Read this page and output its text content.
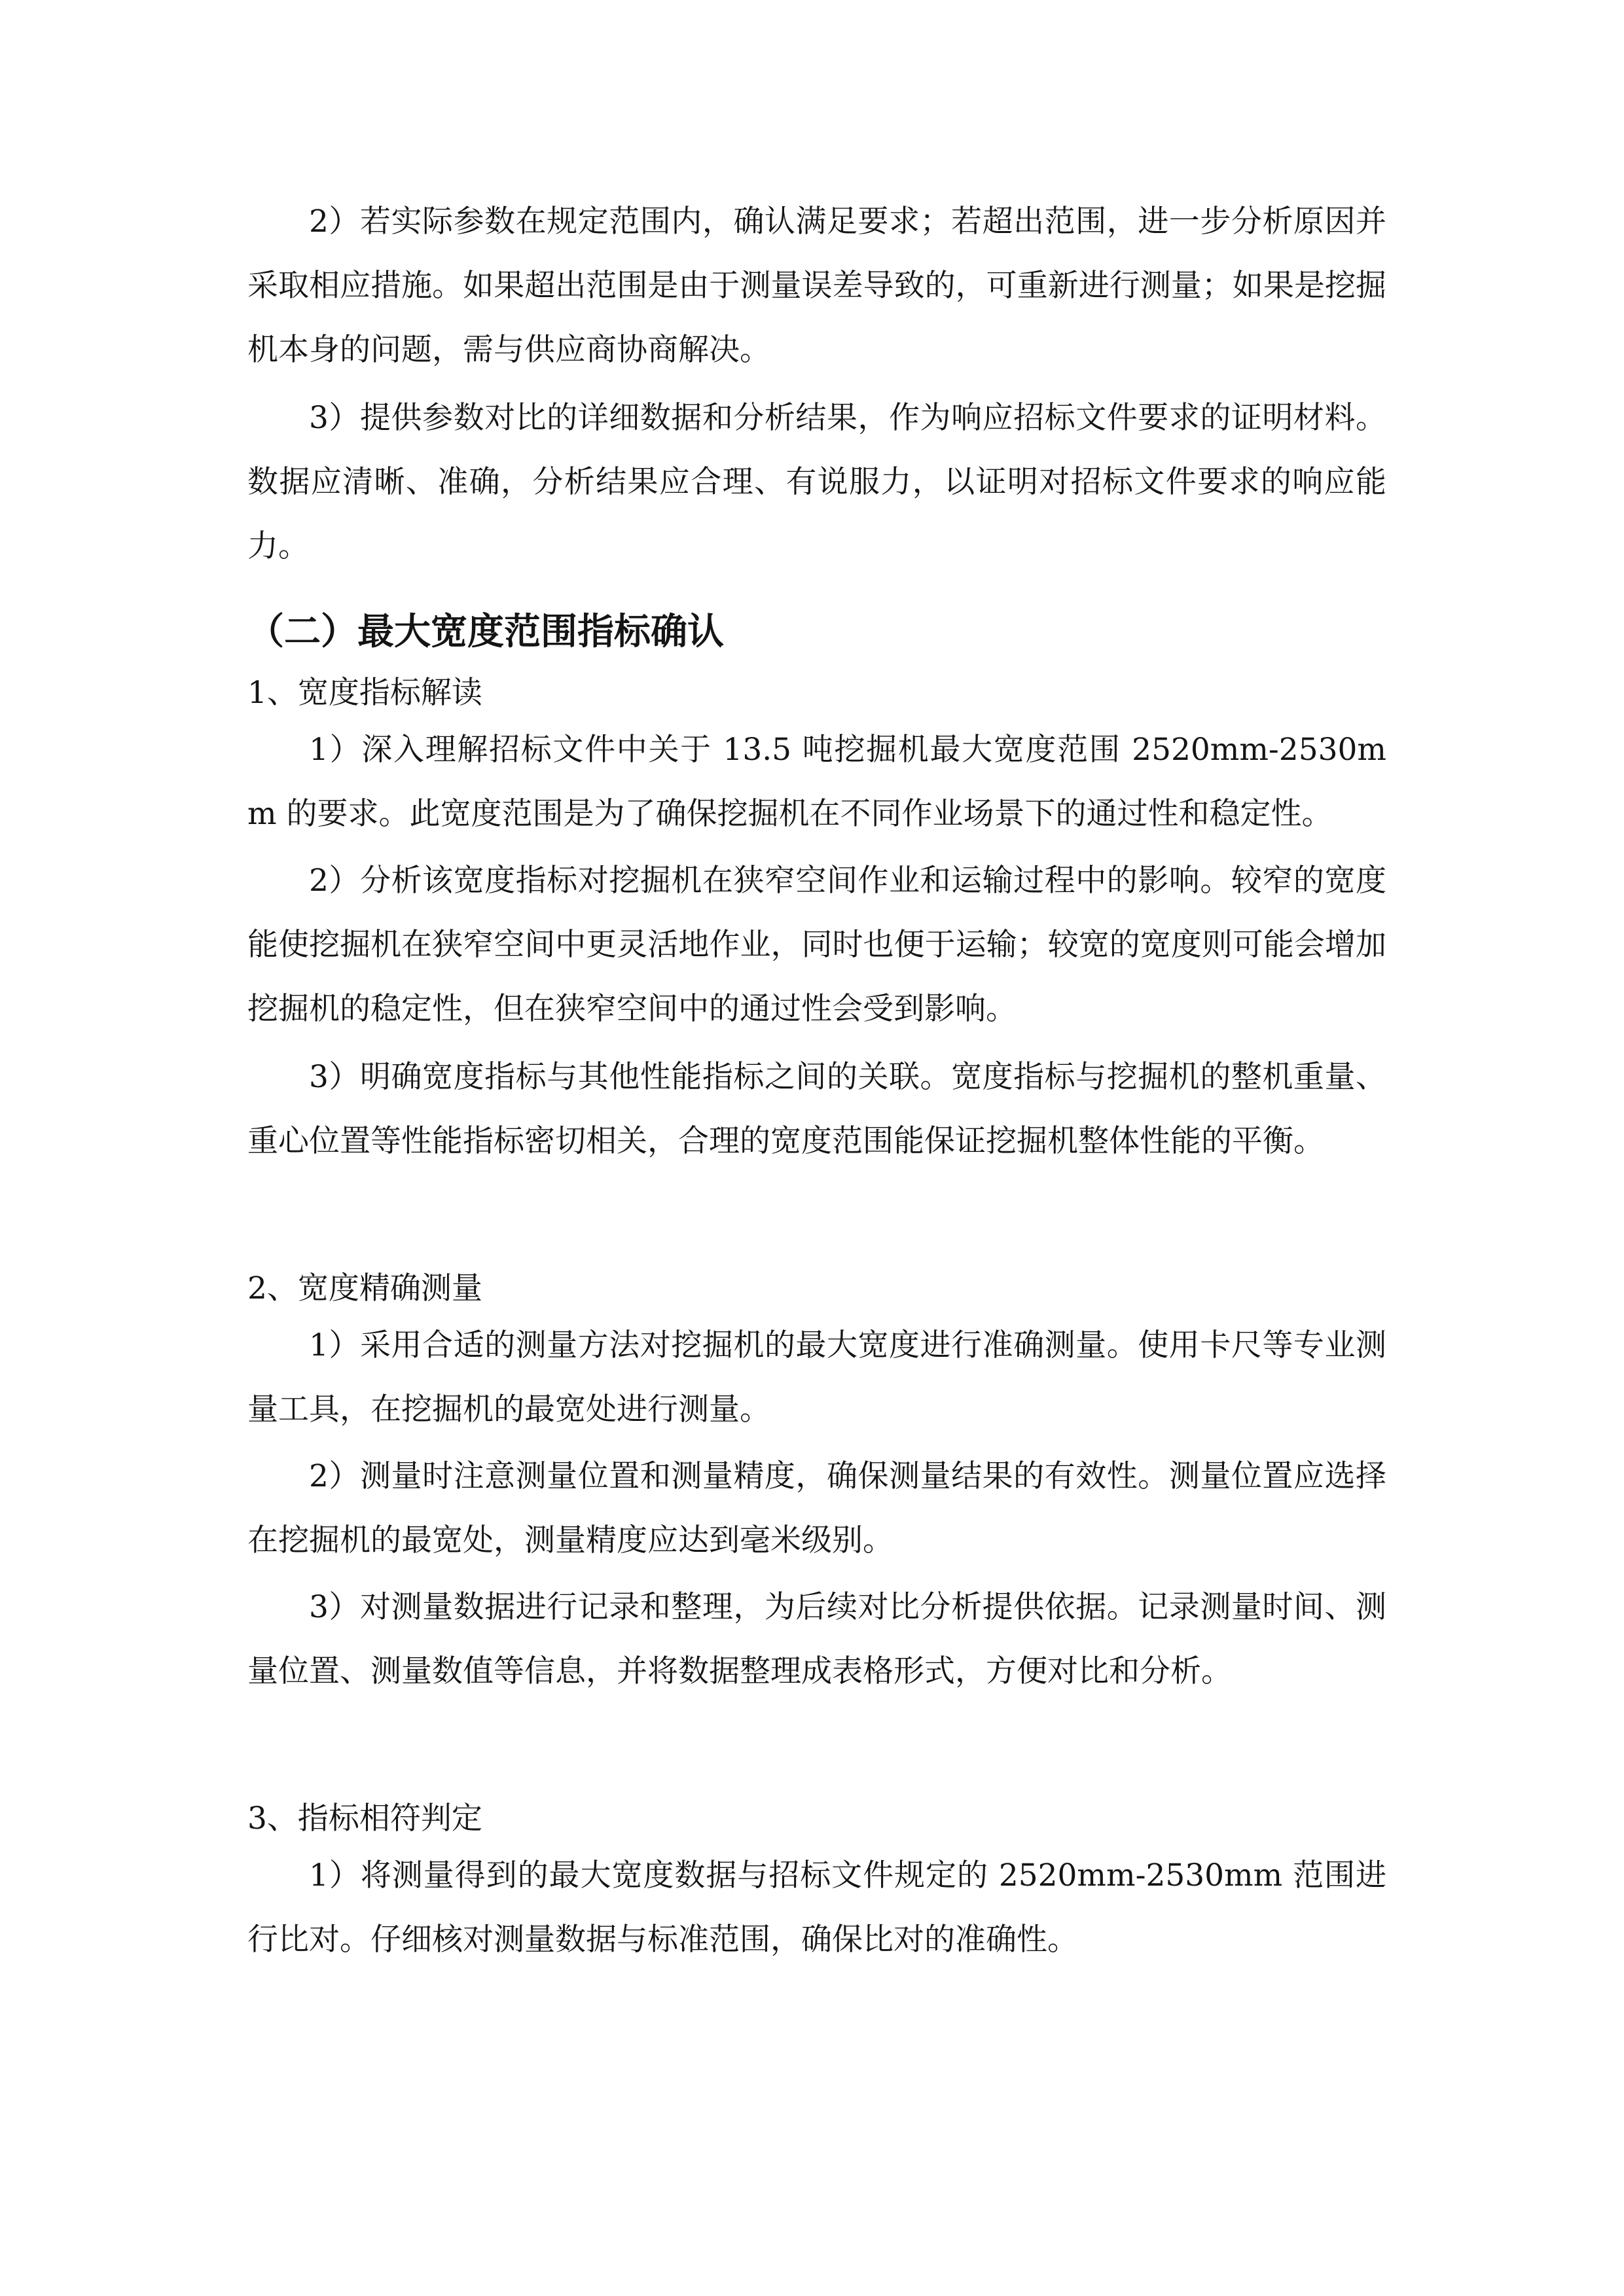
2）若实际参数在规定范围内，确认满足要求；若超出范围，进一步分析原因并采取相应措施。如果超出范围是由于测量误差导致的，可重新进行测量；如果是挖掘机本身的问题，需与供应商协商解决。

3）提供参数对比的详细数据和分析结果，作为响应招标文件要求的证明材料。数据应清晰、准确，分析结果应合理、有说服力，以证明对招标文件要求的响应能力。

（二）最大宽度范围指标确认
1、宽度指标解读

1）深入理解招标文件中关于 13.5 吨挖掘机最大宽度范围 2520mm-2530mm 的要求。此宽度范围是为了确保挖掘机在不同作业场景下的通过性和稳定性。

2）分析该宽度指标对挖掘机在狭窄空间作业和运输过程中的影响。较窄的宽度能使挖掘机在狭窄空间中更灵活地作业，同时也便于运输；较宽的宽度则可能会增加挖掘机的稳定性，但在狭窄空间中的通过性会受到影响。

3）明确宽度指标与其他性能指标之间的关联。宽度指标与挖掘机的整机重量、重心位置等性能指标密切相关，合理的宽度范围能保证挖掘机整体性能的平衡。

2、宽度精确测量

1）采用合适的测量方法对挖掘机的最大宽度进行准确测量。使用卡尺等专业测量工具，在挖掘机的最宽处进行测量。

2）测量时注意测量位置和测量精度，确保测量结果的有效性。测量位置应选择在挖掘机的最宽处，测量精度应达到毫米级别。

3）对测量数据进行记录和整理，为后续对比分析提供依据。记录测量时间、测量位置、测量数值等信息，并将数据整理成表格形式，方便对比和分析。

3、指标相符判定

1）将测量得到的最大宽度数据与招标文件规定的 2520mm-2530mm 范围进行比对。仔细核对测量数据与标准范围，确保比对的准确性。
